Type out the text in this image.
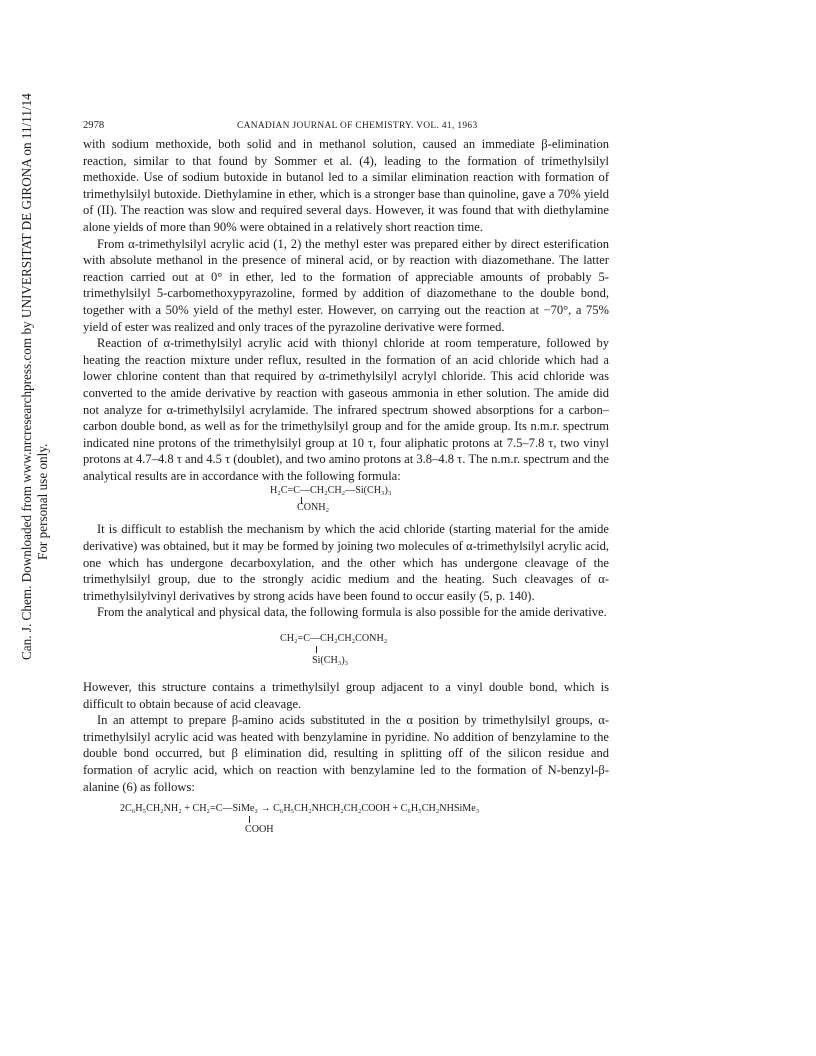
Can. J. Chem. Downloaded from www.nrcresearchpress.com by UNIVERSITAT DE GIRONA on 11/11/14 For personal use only.
2978	CANADIAN JOURNAL OF CHEMISTRY. VOL. 41, 1963

with sodium methoxide, both solid and in methanol solution, caused an immediate β-elimination reaction, similar to that found by Sommer et al. (4), leading to the formation of trimethylsilyl methoxide. Use of sodium butoxide in butanol led to a similar elimination reaction with formation of trimethylsilyl butoxide. Diethylamine in ether, which is a stronger base than quinoline, gave a 70% yield of (II). The reaction was slow and required several days. However, it was found that with diethylamine alone yields of more than 90% were obtained in a relatively short reaction time.

From α-trimethylsilyl acrylic acid (1, 2) the methyl ester was prepared either by direct esterification with absolute methanol in the presence of mineral acid, or by reaction with diazomethane. The latter reaction carried out at 0° in ether, led to the formation of appreciable amounts of probably 5-trimethylsilyl 5-carbomethoxypyrazoline, formed by addition of diazomethane to the double bond, together with a 50% yield of the methyl ester. However, on carrying out the reaction at −70°, a 75% yield of ester was realized and only traces of the pyrazoline derivative were formed.

Reaction of α-trimethylsilyl acrylic acid with thionyl chloride at room temperature, followed by heating the reaction mixture under reflux, resulted in the formation of an acid chloride which had a lower chlorine content than that required by α-trimethylsilyl acrylyl chloride. This acid chloride was converted to the amide derivative by reaction with gaseous ammonia in ether solution. The amide did not analyze for α-trimethylsilyl acrylamide. The infrared spectrum showed absorptions for a carbon–carbon double bond, as well as for the trimethylsilyl group and for the amide group. Its n.m.r. spectrum indicated nine protons of the trimethylsilyl group at 10 τ, four aliphatic protons at 7.5–7.8 τ, two vinyl protons at 4.7–4.8 τ and 4.5 τ (doublet), and two amino protons at 3.8–4.8 τ. The n.m.r. spectrum and the analytical results are in accordance with the following formula:

H₂C=C—CH₂CH₂—Si(CH₃)₃
CONH₂

It is difficult to establish the mechanism by which the acid chloride (starting material for the amide derivative) was obtained, but it may be formed by joining two molecules of α-trimethylsilyl acrylic acid, one which has undergone decarboxylation, and the other which has undergone cleavage of the trimethylsilyl group, due to the strongly acidic medium and the heating. Such cleavages of α-trimethylsilylvinyl derivatives by strong acids have been found to occur easily (5, p. 140).

From the analytical and physical data, the following formula is also possible for the amide derivative.

CH₂=C—CH₂CH₂CONH₂
Si(CH₃)₃

However, this structure contains a trimethylsilyl group adjacent to a vinyl double bond, which is difficult to obtain because of acid cleavage.

In an attempt to prepare β-amino acids substituted in the α position by trimethylsilyl groups, α-trimethylsilyl acrylic acid was heated with benzylamine in pyridine. No addition of benzylamine to the double bond occurred, but β elimination did, resulting in splitting off of the silicon residue and formation of acrylic acid, which on reaction with benzylamine led to the formation of N-benzyl-β-alanine (6) as follows:

2C₆H₅CH₂NH₂ + CH₂=C—SiMe₃ → C₆H₅CH₂NHCH₂CH₂COOH + C₆H₅CH₂NHSiMe₃
COOH
